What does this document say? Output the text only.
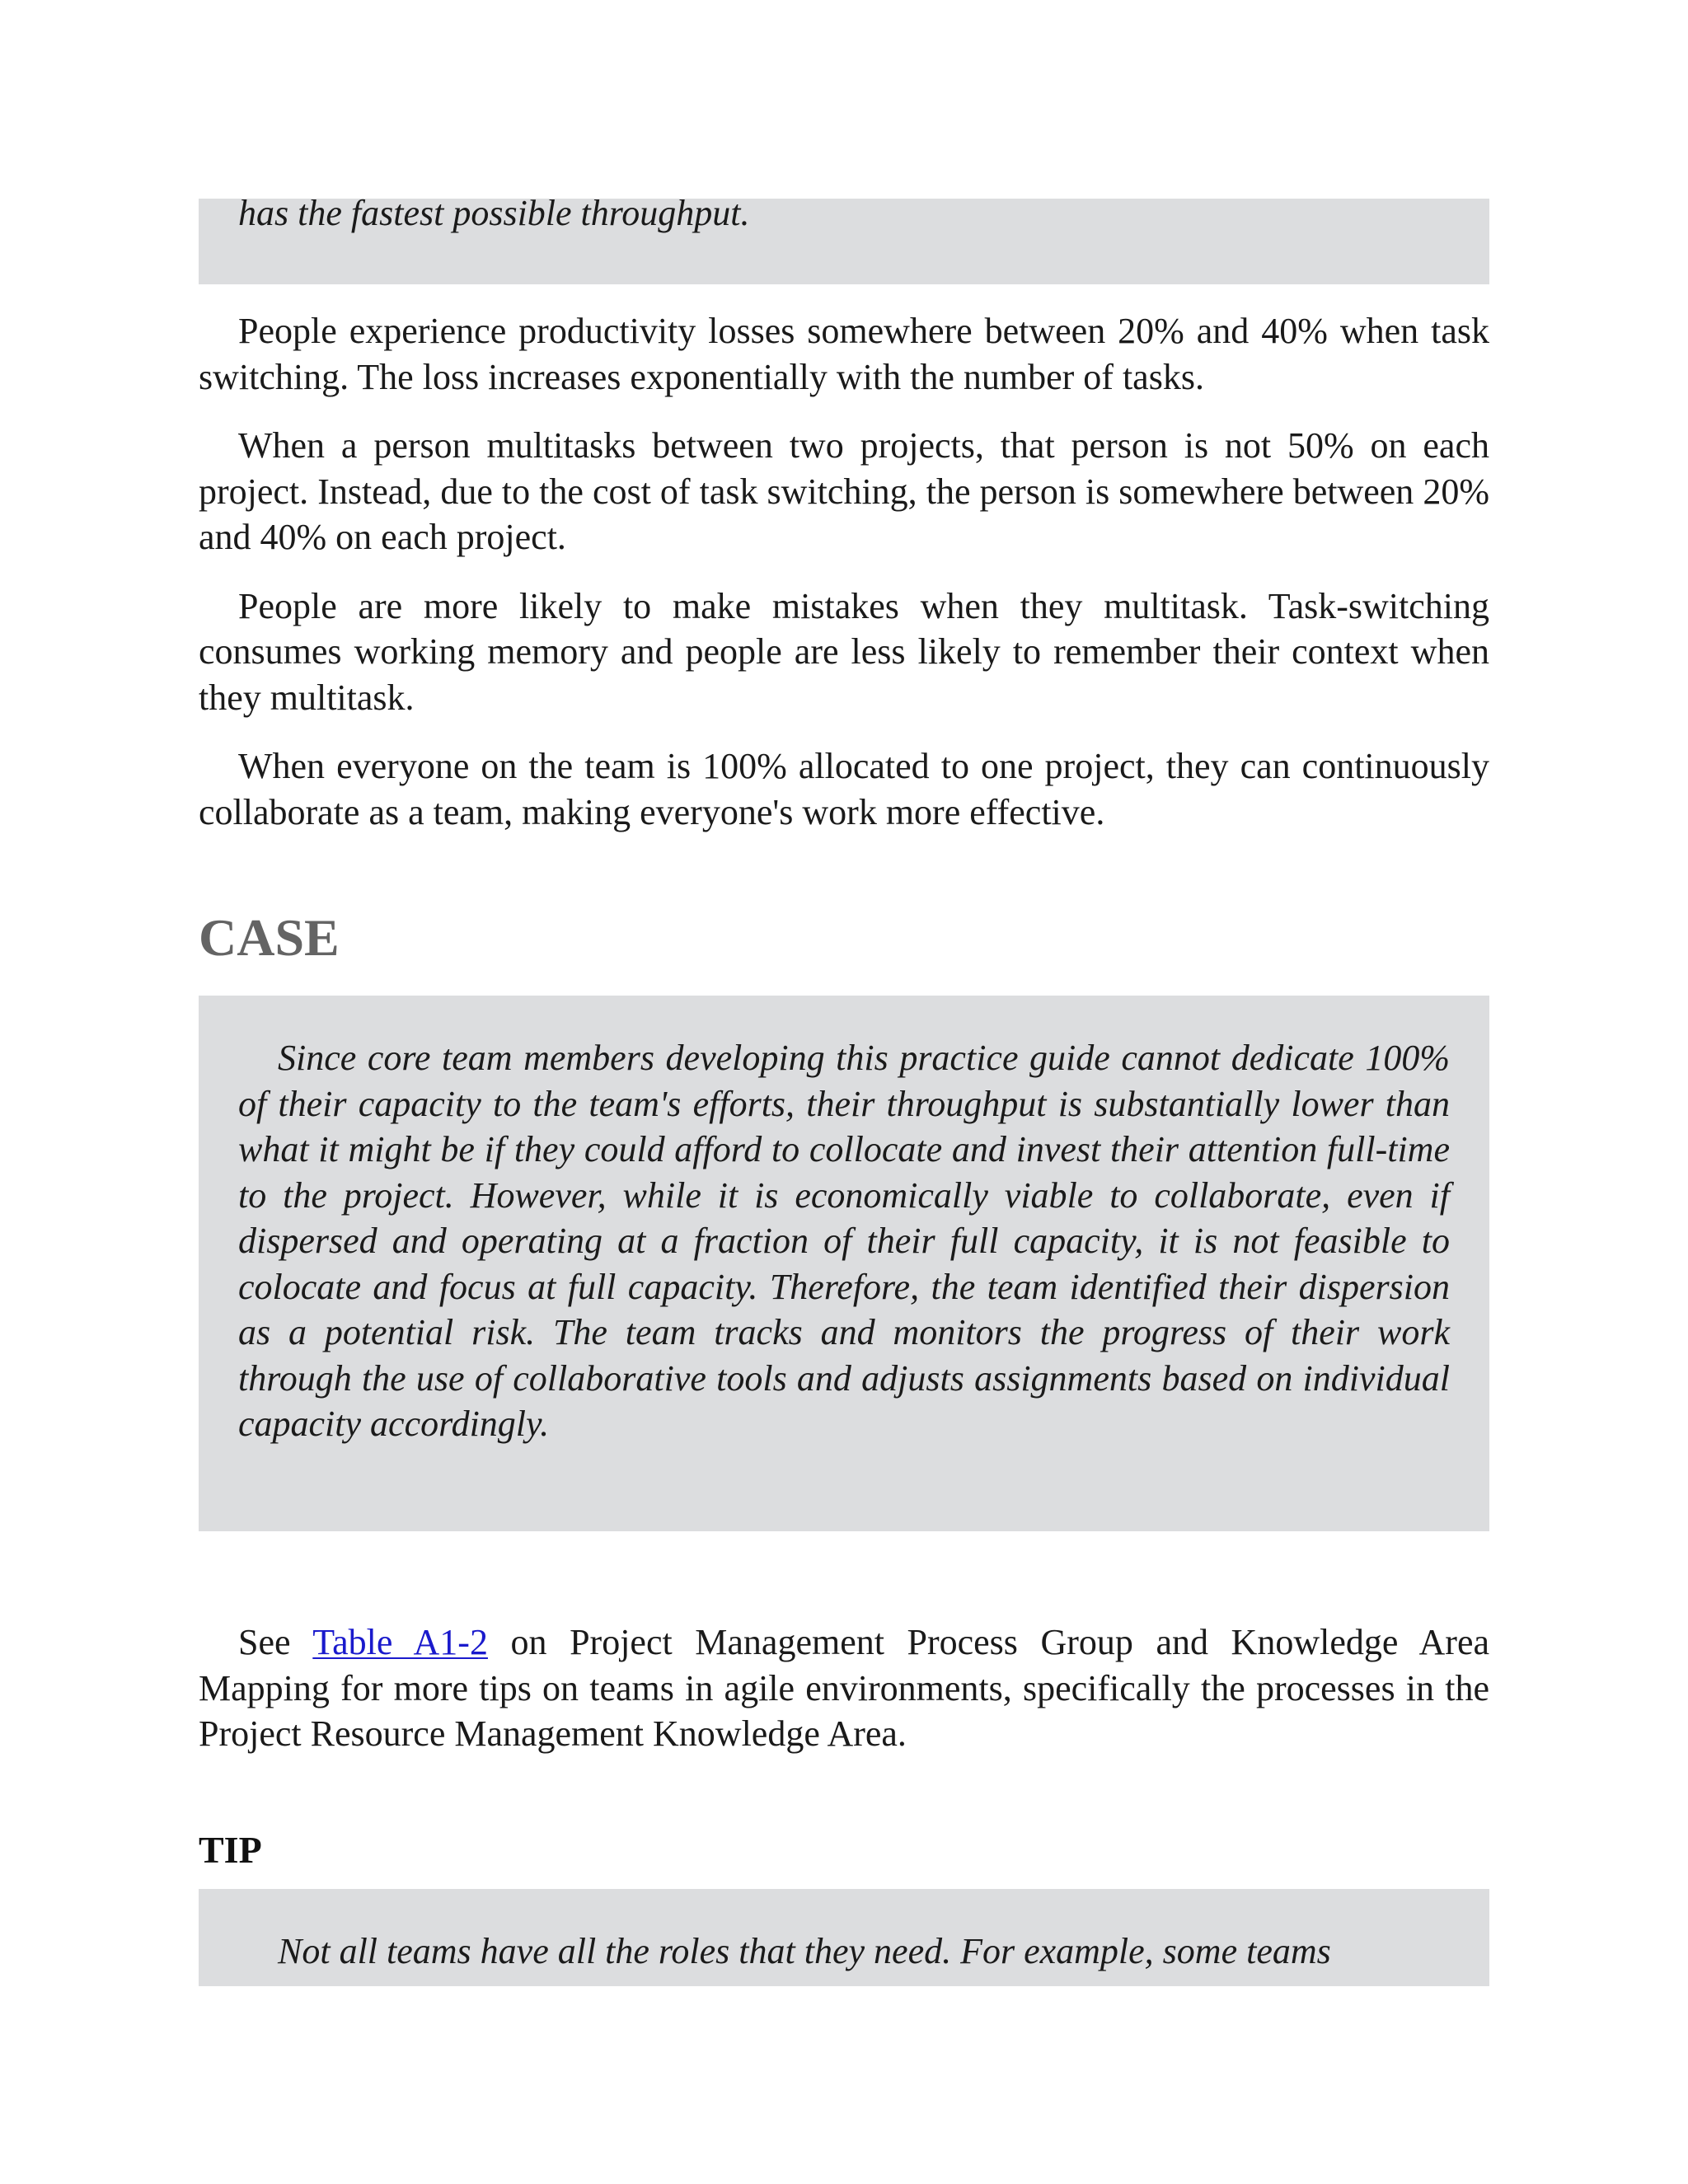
has the fastest possible throughput.

People experience productivity losses somewhere between 20% and 40% when task switching. The loss increases exponentially with the number of tasks.

When a person multitasks between two projects, that person is not 50% on each project. Instead, due to the cost of task switching, the person is somewhere between 20% and 40% on each project.

People are more likely to make mistakes when they multitask. Task-switching consumes working memory and people are less likely to remember their context when they multitask.

When everyone on the team is 100% allocated to one project, they can continuously collaborate as a team, making everyone's work more effective.

CASE

Since core team members developing this practice guide cannot dedicate 100% of their capacity to the team's efforts, their throughput is substantially lower than what it might be if they could afford to collocate and invest their attention full-time to the project. However, while it is economically viable to collaborate, even if dispersed and operating at a fraction of their full capacity, it is not feasible to colocate and focus at full capacity. Therefore, the team identified their dispersion as a potential risk. The team tracks and monitors the progress of their work through the use of collaborative tools and adjusts assignments based on individual capacity accordingly.

See Table A1-2 on Project Management Process Group and Knowledge Area Mapping for more tips on teams in agile environments, specifically the processes in the Project Resource Management Knowledge Area.

TIP

Not all teams have all the roles that they need. For example, some teams
